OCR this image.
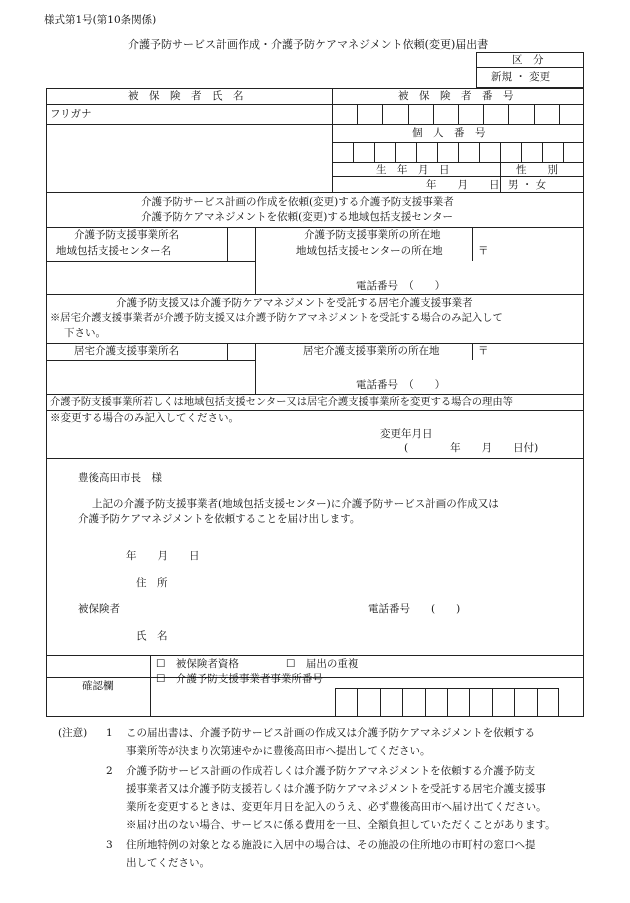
様式第1号(第10条関係)
介護予防サービス計画作成・介護予防ケアマネジメント依頼(変更)届出書
区　分
新規 ・ 変更
被　保　険　者　氏　名	被　保　険　者　番　号
フリガナ
個　人　番　号
生　年　月　日	性　　別
年　　月　　日 男 ・ 女
介護予防サービス計画の作成を依頼(変更)する介護予防支援事業者
介護予防ケアマネジメントを依頼(変更)する地域包括支援センター
介護予防支援事業所名
地域包括支援センター名
介護予防支援事業所の所在地
地域包括支援センターの所在地	〒
電話番号　（　　）
介護予防支援又は介護予防ケアマネジメントを受託する居宅介護支援事業者
※居宅介護支援事業者が介護予防支援又は介護予防ケアマネジメントを受託する場合のみ記入して
下さい。
居宅介護支援事業所名	居宅介護支援事業所の所在地	〒
電話番号　（　　）
介護予防支援事業所若しくは地域包括支援センター又は居宅介護支援事業所を変更する場合の理由等
※変更する場合のみ記入してください。
変更年月日
(　　　　年　　月　　日付)
豊後高田市長　様
上記の介護予防支援事業者(地域包括支援センター)に介護予防サービス計画の作成又は
介護予防ケアマネジメントを依頼することを届け出します。
年　　月　　日
住　所
被保険者	電話番号　　(　　)
氏　名
確認欄
☐　被保険者資格	☐　届出の重複
☐　介護予防支援事業者事業所番号
(注意) 1 この届出書は、介護予防サービス計画の作成又は介護予防ケアマネジメントを依頼する
事業所等が決まり次第速やかに豊後高田市へ提出してください。
2 介護予防サービス計画の作成若しくは介護予防ケアマネジメントを依頼する介護予防支
援事業者又は介護予防支援若しくは介護予防ケアマネジメントを受託する居宅介護支援事
業所を変更するときは、変更年月日を記入のうえ、必ず豊後高田市へ届け出てください。
※届け出のない場合、サービスに係る費用を一旦、全額負担していただくことがあります。
3 住所地特例の対象となる施設に入居中の場合は、その施設の住所地の市町村の窓口へ提
出してください。
